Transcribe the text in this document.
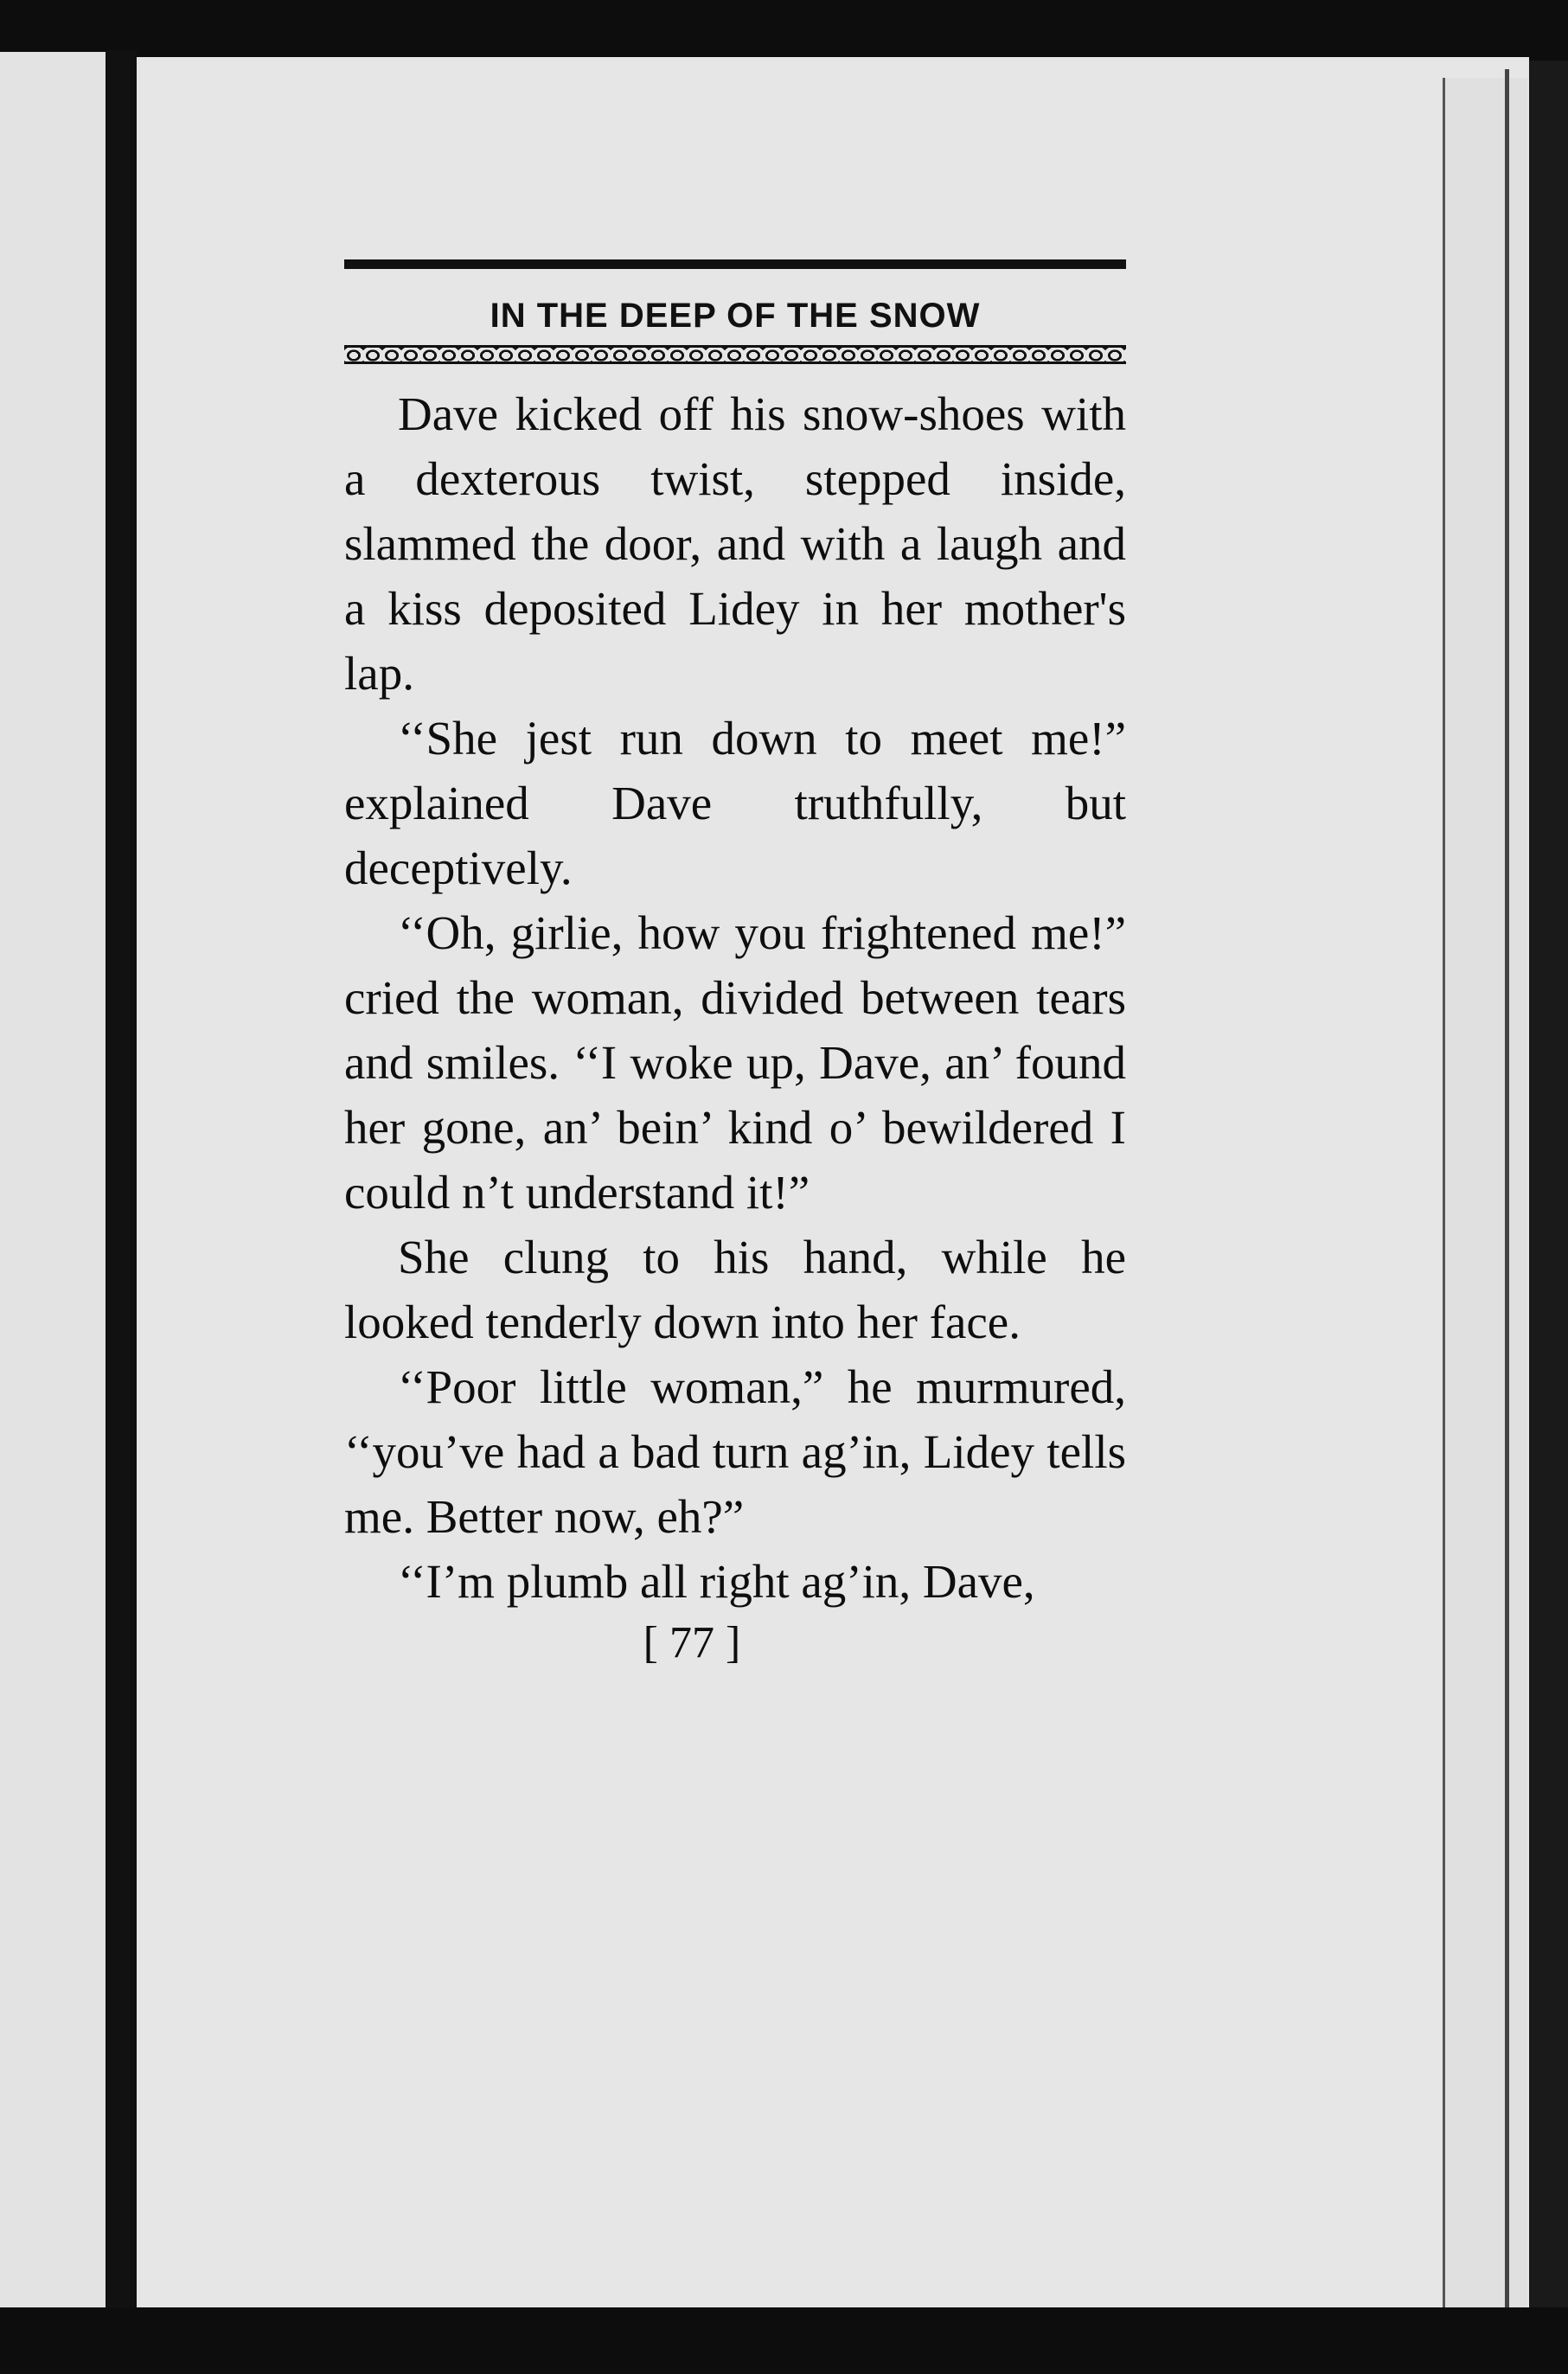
IN THE DEEP OF THE SNOW

Dave kicked off his snow-shoes with a dexterous twist, stepped inside, slammed the door, and with a laugh and a kiss deposited Lidey in her mother's lap.

‘‘She jest run down to meet me!” explained Dave truthfully, but deceptively.

‘‘Oh, girlie, how you frightened me!” cried the woman, divided between tears and smiles. ‘‘I woke up, Dave, an’ found her gone, an’ bein’ kind o’ bewildered I could n’t understand it!”

She clung to his hand, while he looked tenderly down into her face.

‘‘Poor little woman,” he murmured, ‘‘you’ve had a bad turn ag’in, Lidey tells me. Better now, eh?”

‘‘I’m plumb all right ag’in, Dave,

[ 77 ]
